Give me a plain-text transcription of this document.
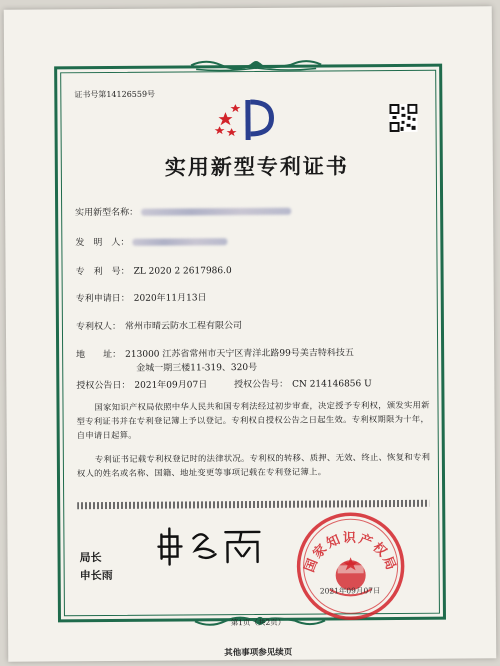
证书号第14126559号
实用新型专利证书
实用新型名称：
发　明　人：
专　利　号： ZL 2020 2 2617986.0
专利申请日： 2020年11月13日
专利权人： 常州市晴云防水工程有限公司
地　　址： 213000 江苏省常州市天宁区青洋北路99号美吉特科技五
金城一期三楼11-319、320号
授权公告日： 2021年09月07日	授权公告号： CN 214146856 U
国家知识产权局依照中华人民共和国专利法经过初步审查，决定授予专利权，颁发实用新型专利证书并在专利登记簿上予以登记。专利权自授权公告之日起生效。专利权期限为十年，自申请日起算。
专利证书记载专利权登记时的法律状况。专利权的转移、质押、无效、终止、恢复和专利权人的姓名或名称、国籍、地址变更等事项记载在专利登记簿上。
局长
申长雨
国家知识产权局
2021年09月07日
第1页（共2页）
其他事项参见续页
